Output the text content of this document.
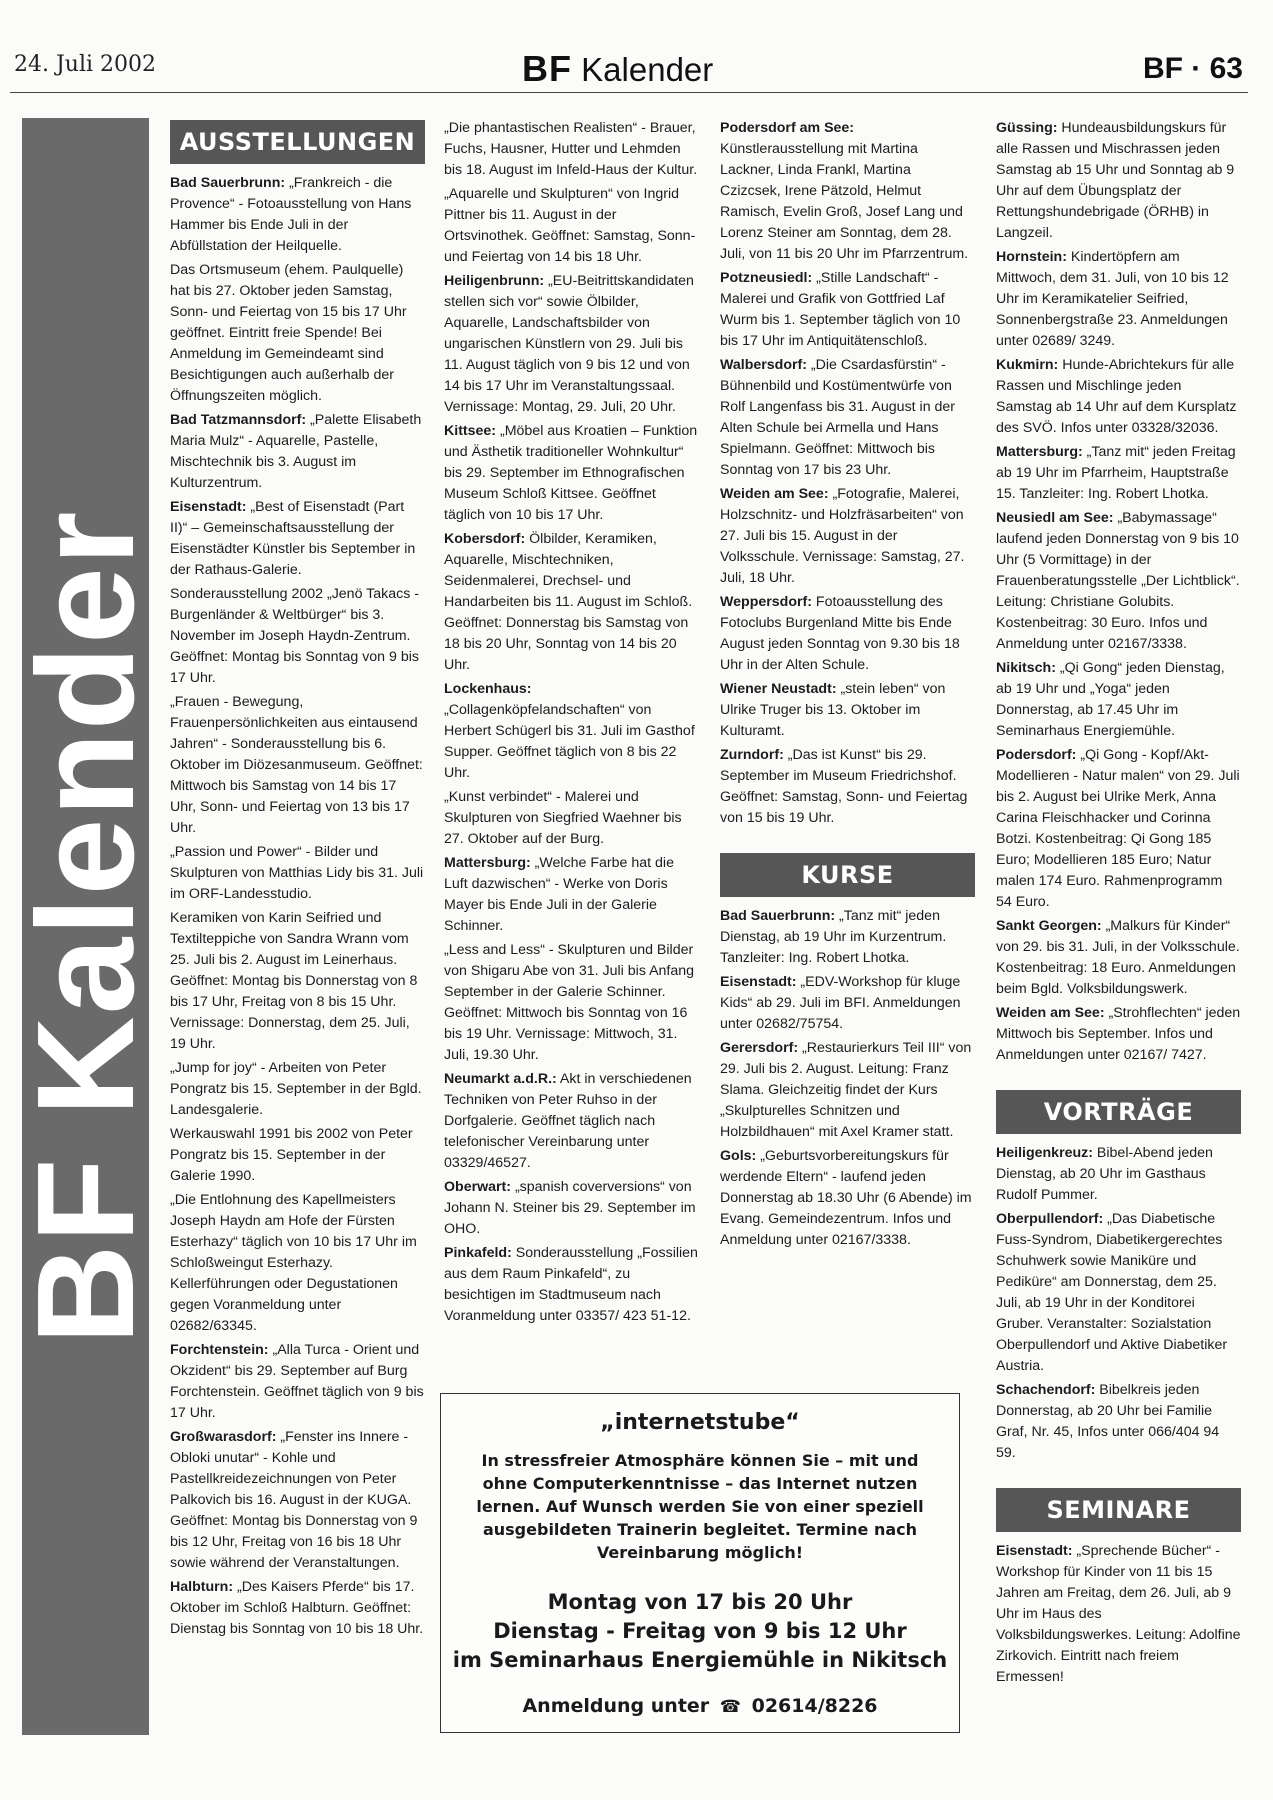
24. Juli 2002	BF Kalender	BF · 63
BF Kalender
AUSSTELLUNGEN
Bad Sauerbrunn: „Frankreich - die Provence“ - Fotoausstellung von Hans Hammer bis Ende Juli in der Abfüllstation der Heilquelle.
Das Ortsmuseum (ehem. Paulquelle) hat bis 27. Oktober jeden Samstag, Sonn- und Feiertag von 15 bis 17 Uhr geöffnet. Eintritt freie Spende! Bei Anmeldung im Gemeindeamt sind Besichtigungen auch außerhalb der Öffnungszeiten möglich.
Bad Tatzmannsdorf: „Palette Elisabeth Maria Mulz“ - Aquarelle, Pastelle, Mischtechnik bis 3. August im Kulturzentrum.
Eisenstadt: „Best of Eisenstadt (Part II)“ – Gemeinschaftsausstellung der Eisenstädter Künstler bis September in der Rathaus-Galerie.
Sonderausstellung 2002 „Jenö Takacs - Burgenländer & Weltbürger“ bis 3. November im Joseph Haydn-Zentrum. Geöffnet: Montag bis Sonntag von 9 bis 17 Uhr.
„Frauen - Bewegung, Frauenpersönlichkeiten aus eintausend Jahren“ - Sonderausstellung bis 6. Oktober im Diözesanmuseum. Geöffnet: Mittwoch bis Samstag von 14 bis 17 Uhr, Sonn- und Feiertag von 13 bis 17 Uhr.
„Passion und Power“ - Bilder und Skulpturen von Matthias Lidy bis 31. Juli im ORF-Landesstudio.
Keramiken von Karin Seifried und Textilteppiche von Sandra Wrann vom 25. Juli bis 2. August im Leinerhaus. Geöffnet: Montag bis Donnerstag von 8 bis 17 Uhr, Freitag von 8 bis 15 Uhr. Vernissage: Donnerstag, dem 25. Juli, 19 Uhr.
„Jump for joy“ - Arbeiten von Peter Pongratz bis 15. September in der Bgld. Landesgalerie.
Werkauswahl 1991 bis 2002 von Peter Pongratz bis 15. September in der Galerie 1990.
„Die Entlohnung des Kapellmeisters Joseph Haydn am Hofe der Fürsten Esterhazy“ täglich von 10 bis 17 Uhr im Schloßweingut Esterhazy. Kellerführungen oder Degustationen gegen Voranmeldung unter 02682/63345.
Forchtenstein: „Alla Turca - Orient und Okzident“ bis 29. September auf Burg Forchtenstein. Geöffnet täglich von 9 bis 17 Uhr.
Großwarasdorf: „Fenster ins Innere - Obloki unutar“ - Kohle und Pastellkreidezeichnungen von Peter Palkovich bis 16. August in der KUGA. Geöffnet: Montag bis Donnerstag von 9 bis 12 Uhr, Freitag von 16 bis 18 Uhr sowie während der Veranstaltungen.
Halbturn: „Des Kaisers Pferde“ bis 17. Oktober im Schloß Halbturn. Geöffnet: Dienstag bis Sonntag von 10 bis 18 Uhr.
„Die phantastischen Realisten“ - Brauer, Fuchs, Hausner, Hutter und Lehmden bis 18. August im Infeld-Haus der Kultur.
„Aquarelle und Skulpturen“ von Ingrid Pittner bis 11. August in der Ortsvinothek. Geöffnet: Samstag, Sonn- und Feiertag von 14 bis 18 Uhr.
Heiligenbrunn: „EU-Beitrittskandidaten stellen sich vor“ sowie Ölbilder, Aquarelle, Landschaftsbilder von ungarischen Künstlern von 29. Juli bis 11. August täglich von 9 bis 12 und von 14 bis 17 Uhr im Veranstaltungssaal. Vernissage: Montag, 29. Juli, 20 Uhr.
Kittsee: „Möbel aus Kroatien – Funktion und Ästhetik traditioneller Wohnkultur“ bis 29. September im Ethnografischen Museum Schloß Kittsee. Geöffnet täglich von 10 bis 17 Uhr.
Kobersdorf: Ölbilder, Keramiken, Aquarelle, Mischtechniken, Seidenmalerei, Drechsel- und Handarbeiten bis 11. August im Schloß. Geöffnet: Donnerstag bis Samstag von 18 bis 20 Uhr, Sonntag von 14 bis 20 Uhr.
Lockenhaus: „Collagenköpfelandschaften“ von Herbert Schügerl bis 31. Juli im Gasthof Supper. Geöffnet täglich von 8 bis 22 Uhr.
„Kunst verbindet“ - Malerei und Skulpturen von Siegfried Waehner bis 27. Oktober auf der Burg.
Mattersburg: „Welche Farbe hat die Luft dazwischen“ - Werke von Doris Mayer bis Ende Juli in der Galerie Schinner.
„Less and Less“ - Skulpturen und Bilder von Shigaru Abe von 31. Juli bis Anfang September in der Galerie Schinner. Geöffnet: Mittwoch bis Sonntag von 16 bis 19 Uhr. Vernissage: Mittwoch, 31. Juli, 19.30 Uhr.
Neumarkt a.d.R.: Akt in verschiedenen Techniken von Peter Ruhso in der Dorfgalerie. Geöffnet täglich nach telefonischer Vereinbarung unter 03329/46527.
Oberwart: „spanish coverversions“ von Johann N. Steiner bis 29. September im OHO.
Pinkafeld: Sonderausstellung „Fossilien aus dem Raum Pinkafeld“, zu besichtigen im Stadtmuseum nach Voranmeldung unter 03357/ 423 51-12.
Podersdorf am See: Künstlerausstellung mit Martina Lackner, Linda Frankl, Martina Czizcsek, Irene Pätzold, Helmut Ramisch, Evelin Groß, Josef Lang und Lorenz Steiner am Sonntag, dem 28. Juli, von 11 bis 20 Uhr im Pfarrzentrum.
Potzneusiedl: „Stille Landschaft“ - Malerei und Grafik von Gottfried Laf Wurm bis 1. September täglich von 10 bis 17 Uhr im Antiquitätenschloß.
Walbersdorf: „Die Csardasfürstin“ - Bühnenbild und Kostümentwürfe von Rolf Langenfass bis 31. August in der Alten Schule bei Armella und Hans Spielmann. Geöffnet: Mittwoch bis Sonntag von 17 bis 23 Uhr.
Weiden am See: „Fotografie, Malerei, Holzschnitz- und Holzfräsarbeiten“ von 27. Juli bis 15. August in der Volksschule. Vernissage: Samstag, 27. Juli, 18 Uhr.
Weppersdorf: Fotoausstellung des Fotoclubs Burgenland Mitte bis Ende August jeden Sonntag von 9.30 bis 18 Uhr in der Alten Schule.
Wiener Neustadt: „stein leben“ von Ulrike Truger bis 13. Oktober im Kulturamt.
Zurndorf: „Das ist Kunst“ bis 29. September im Museum Friedrichshof. Geöffnet: Samstag, Sonn- und Feiertag von 15 bis 19 Uhr.
KURSE
Bad Sauerbrunn: „Tanz mit“ jeden Dienstag, ab 19 Uhr im Kurzentrum. Tanzleiter: Ing. Robert Lhotka.
Eisenstadt: „EDV-Workshop für kluge Kids“ ab 29. Juli im BFI. Anmeldungen unter 02682/75754.
Gerersdorf: „Restaurierkurs Teil III“ von 29. Juli bis 2. August. Leitung: Franz Slama. Gleichzeitig findet der Kurs „Skulpturelles Schnitzen und Holzbildhauen“ mit Axel Kramer statt.
Gols: „Geburtsvorbereitungskurs für werdende Eltern“ - laufend jeden Donnerstag ab 18.30 Uhr (6 Abende) im Evang. Gemeindezentrum. Infos und Anmeldung unter 02167/3338.
Güssing: Hundeausbildungskurs für alle Rassen und Mischrassen jeden Samstag ab 15 Uhr und Sonntag ab 9 Uhr auf dem Übungsplatz der Rettungshundebrigade (ÖRHB) in Langzeil.
Hornstein: Kindertöpfern am Mittwoch, dem 31. Juli, von 10 bis 12 Uhr im Keramikatelier Seifried, Sonnenbergstraße 23. Anmeldungen unter 02689/ 3249.
Kukmirn: Hunde-Abrichtekurs für alle Rassen und Mischlinge jeden Samstag ab 14 Uhr auf dem Kursplatz des SVÖ. Infos unter 03328/32036.
Mattersburg: „Tanz mit“ jeden Freitag ab 19 Uhr im Pfarrheim, Hauptstraße 15. Tanzleiter: Ing. Robert Lhotka.
Neusiedl am See: „Babymassage“ laufend jeden Donnerstag von 9 bis 10 Uhr (5 Vormittage) in der Frauenberatungsstelle „Der Lichtblick“. Leitung: Christiane Golubits. Kostenbeitrag: 30 Euro. Infos und Anmeldung unter 02167/3338.
Nikitsch: „Qi Gong“ jeden Dienstag, ab 19 Uhr und „Yoga“ jeden Donnerstag, ab 17.45 Uhr im Seminarhaus Energiemühle.
Podersdorf: „Qi Gong - Kopf/Akt-Modellieren - Natur malen“ von 29. Juli bis 2. August bei Ulrike Merk, Anna Carina Fleischhacker und Corinna Botzi. Kostenbeitrag: Qi Gong 185 Euro; Modellieren 185 Euro; Natur malen 174 Euro. Rahmenprogramm 54 Euro.
Sankt Georgen: „Malkurs für Kinder“ von 29. bis 31. Juli, in der Volksschule. Kostenbeitrag: 18 Euro. Anmeldungen beim Bgld. Volksbildungswerk.
Weiden am See: „Strohflechten“ jeden Mittwoch bis September. Infos und Anmeldungen unter 02167/ 7427.
VORTRÄGE
Heiligenkreuz: Bibel-Abend jeden Dienstag, ab 20 Uhr im Gasthaus Rudolf Pummer.
Oberpullendorf: „Das Diabetische Fuss-Syndrom, Diabetikergerechtes Schuhwerk sowie Maniküre und Pediküre“ am Donnerstag, dem 25. Juli, ab 19 Uhr in der Konditorei Gruber. Veranstalter: Sozialstation Oberpullendorf und Aktive Diabetiker Austria.
Schachendorf: Bibelkreis jeden Donnerstag, ab 20 Uhr bei Familie Graf, Nr. 45, Infos unter 066/404 94 59.
SEMINARE
Eisenstadt: „Sprechende Bücher“ - Workshop für Kinder von 11 bis 15 Jahren am Freitag, dem 26. Juli, ab 9 Uhr im Haus des Volksbildungswerkes. Leitung: Adolfine Zirkovich. Eintritt nach freiem Ermessen!
„internetstube“
In stressfreier Atmosphäre können Sie – mit und ohne Computerkenntnisse – das Internet nutzen lernen. Auf Wunsch werden Sie von einer speziell ausgebildeten Trainerin begleitet. Termine nach Vereinbarung möglich!
Montag von 17 bis 20 Uhr
Dienstag - Freitag von 9 bis 12 Uhr
im Seminarhaus Energiemühle in Nikitsch
Anmeldung unter ☎ 02614/8226
